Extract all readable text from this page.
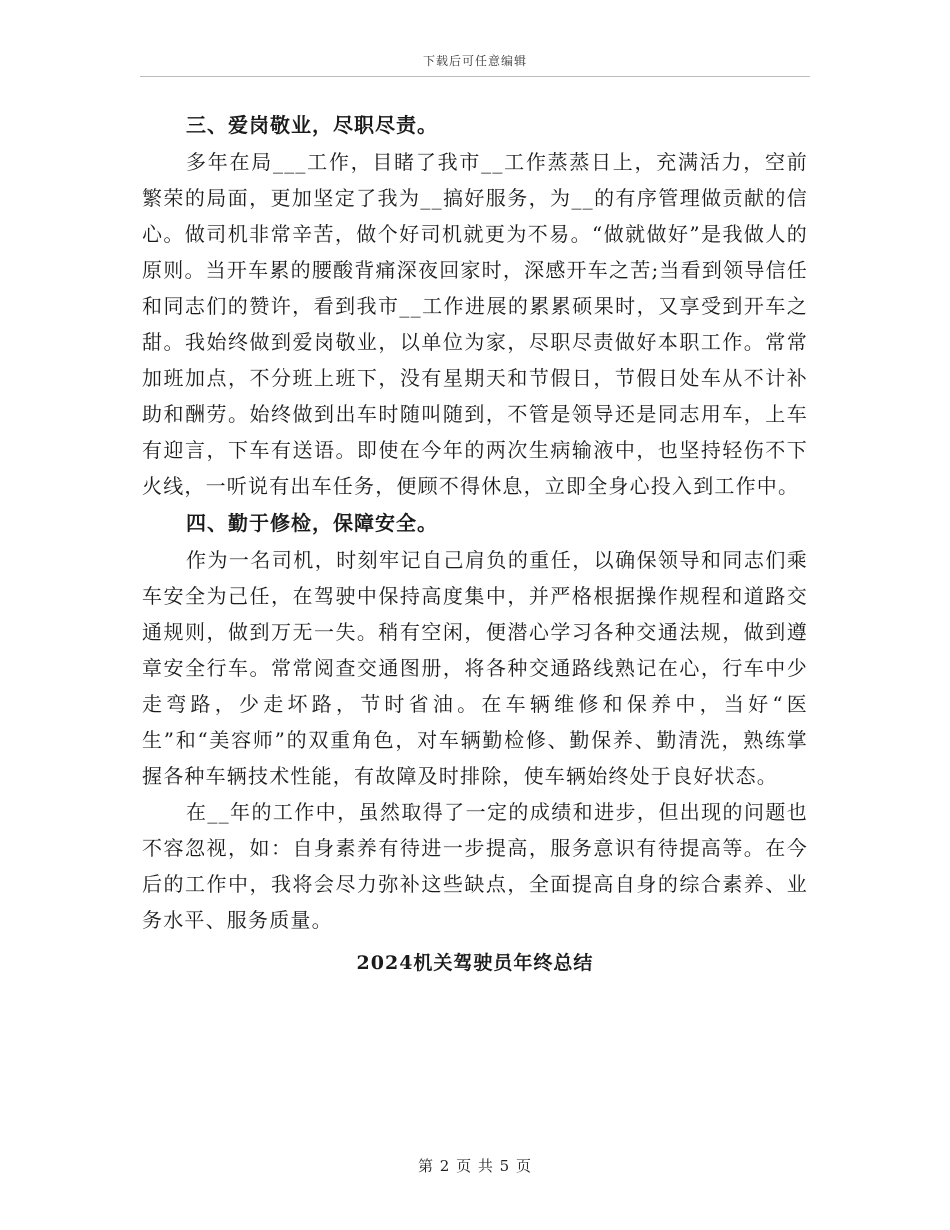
下载后可任意编辑
三、爱岗敬业，尽职尽责。

多年在局___工作，目睹了我市__工作蒸蒸日上，充满活力，空前繁荣的局面，更加坚定了我为__搞好服务，为__的有序管理做贡献的信心。做司机非常辛苦，做个好司机就更为不易。“做就做好”是我做人的原则。当开车累的腰酸背痛深夜回家时，深感开车之苦;当看到领导信任和同志们的赞许，看到我市__工作进展的累累硕果时，又享受到开车之甜。我始终做到爱岗敬业，以单位为家，尽职尽责做好本职工作。常常加班加点，不分班上班下，没有星期天和节假日，节假日处车从不计补助和酬劳。始终做到出车时随叫随到，不管是领导还是同志用车，上车有迎言，下车有送语。即使在今年的两次生病输液中，也坚持轻伤不下火线，一听说有出车任务，便顾不得休息，立即全身心投入到工作中。

四、勤于修检，保障安全。

作为一名司机，时刻牢记自己肩负的重任，以确保领导和同志们乘车安全为己任，在驾驶中保持高度集中，并严格根据操作规程和道路交通规则，做到万无一失。稍有空闲，便潜心学习各种交通法规，做到遵章安全行车。常常阅查交通图册，将各种交通路线熟记在心，行车中少走弯路，少走坏路，节时省油。在车辆维修和保养中，当好“医生”和“美容师”的双重角色，对车辆勤检修、勤保养、勤清洗，熟练掌握各种车辆技术性能，有故障及时排除，使车辆始终处于良好状态。

在__年的工作中，虽然取得了一定的成绩和进步，但出现的问题也不容忽视，如：自身素养有待进一步提高，服务意识有待提高等。在今后的工作中，我将会尽力弥补这些缺点，全面提高自身的综合素养、业务水平、服务质量。

2024机关驾驶员年终总结
第 2 页 共 5 页
